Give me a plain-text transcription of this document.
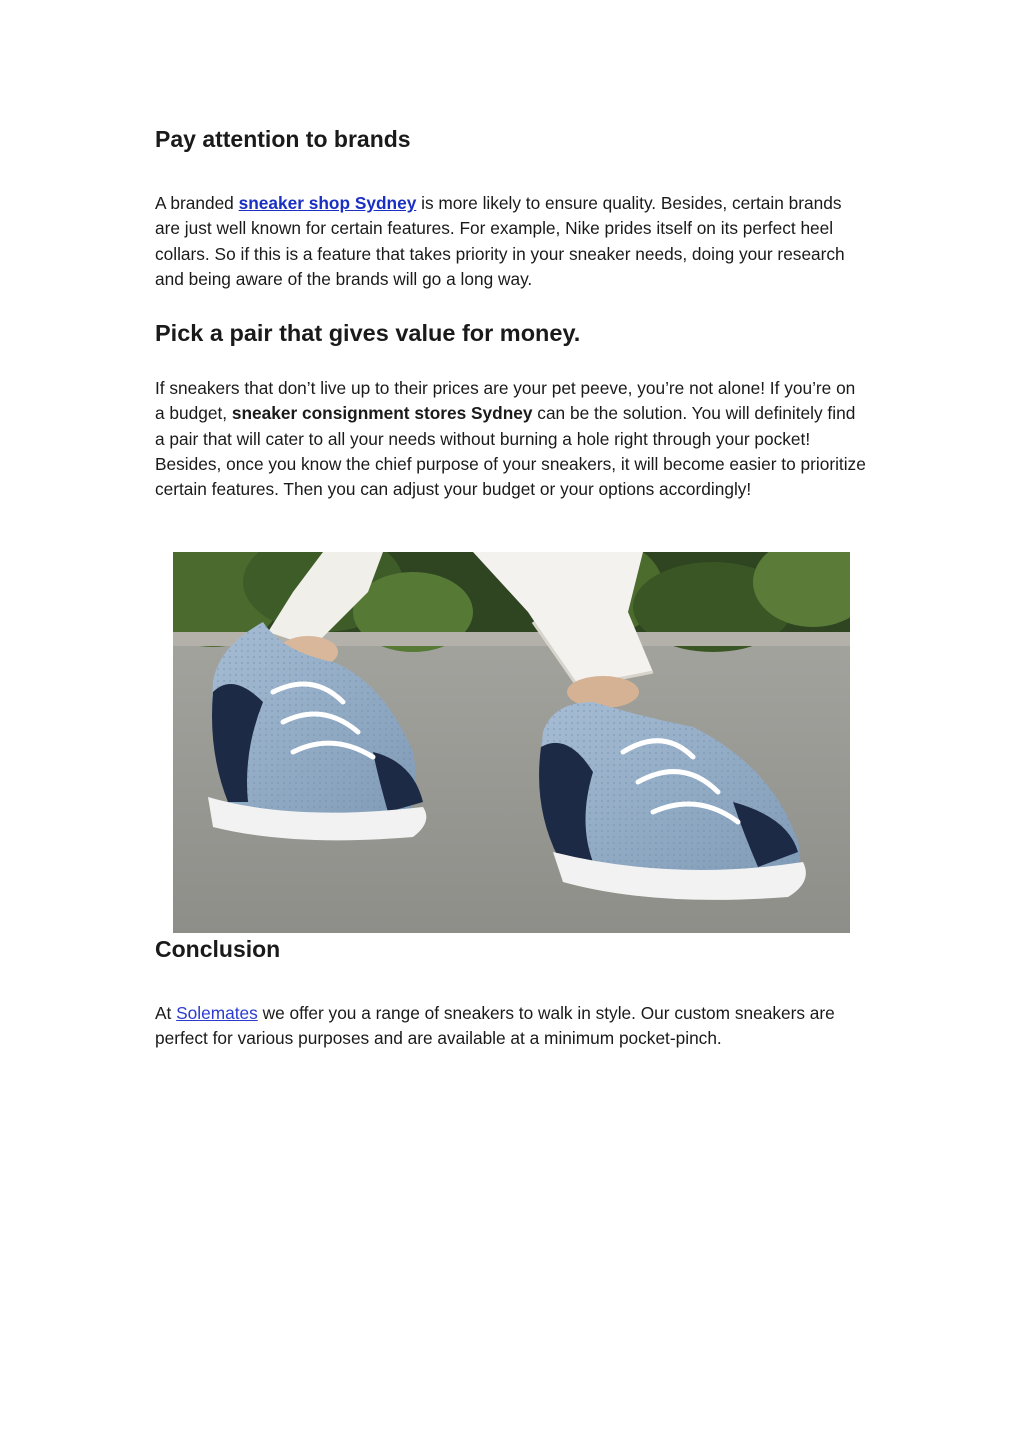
Pay attention to brands

A branded sneaker shop Sydney is more likely to ensure quality. Besides, certain brands are just well known for certain features. For example, Nike prides itself on its perfect heel collars. So if this is a feature that takes priority in your sneaker needs, doing your research and being aware of the brands will go a long way.

Pick a pair that gives value for money.

If sneakers that don’t live up to their prices are your pet peeve, you’re not alone! If you’re on a budget, sneaker consignment stores Sydney can be the solution. You will definitely find a pair that will cater to all your needs without burning a hole right through your pocket! Besides, once you know the chief purpose of your sneakers, it will become easier to prioritize certain features. Then you can adjust your budget or your options accordingly!

Conclusion

At Solemates we offer you a range of sneakers to walk in style. Our custom sneakers are perfect for various purposes and are available at a minimum pocket-pinch.
